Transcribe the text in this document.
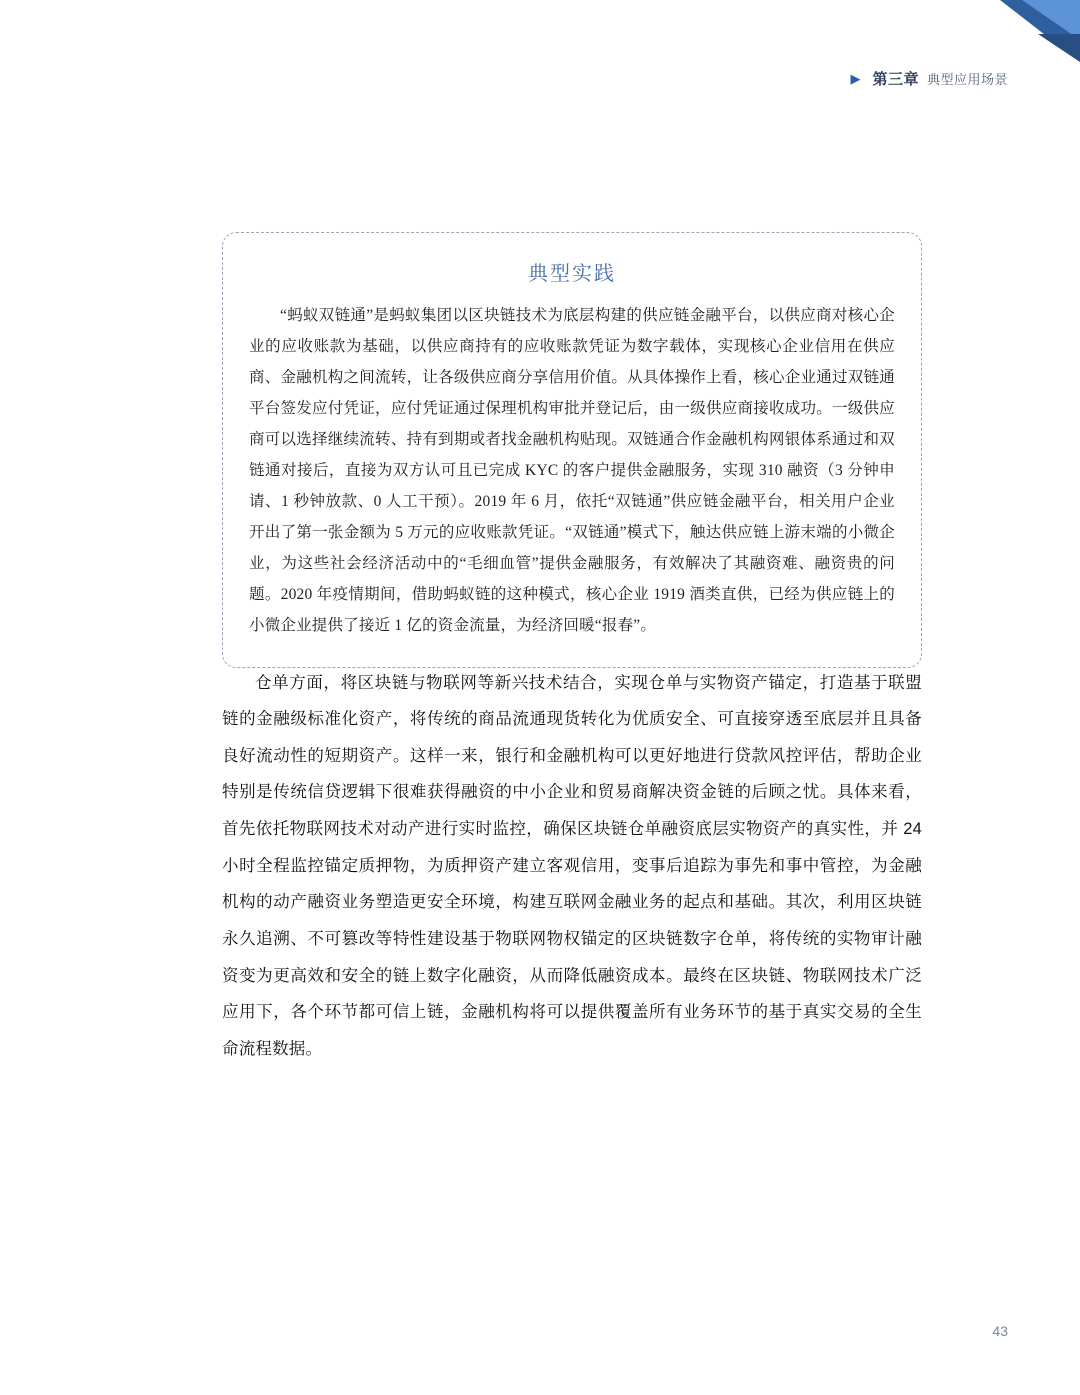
▶ 第三章 典型应用场景
典型实践
“蚂蚁双链通”是蚂蚁集团以区块链技术为底层构建的供应链金融平台，以供应商对核心企业的应收账款为基础，以供应商持有的应收账款凭证为数字载体，实现核心企业信用在供应商、金融机构之间流转，让各级供应商分享信用价值。从具体操作上看，核心企业通过双链通平台签发应付凭证，应付凭证通过保理机构审批并登记后，由一级供应商接收成功。一级供应商可以选择继续流转、持有到期或者找金融机构贴现。双链通合作金融机构网银体系通过和双链通对接后，直接为双方认可且已完成 KYC 的客户提供金融服务，实现 310 融资（3 分钟申请、1 秒钟放款、0 人工干预）。2019 年 6 月，依托“双链通”供应链金融平台，相关用户企业开出了第一张金额为 5 万元的应收账款凭证。“双链通”模式下，触达供应链上游末端的小微企业，为这些社会经济活动中的“毛细血管”提供金融服务，有效解决了其融资难、融资贵的问题。2020 年疫情期间，借助蚂蚁链的这种模式，核心企业 1919 酒类直供，已经为供应链上的小微企业提供了接近 1 亿的资金流量，为经济回暖“报春”。

仓单方面，将区块链与物联网等新兴技术结合，实现仓单与实物资产锚定，打造基于联盟链的金融级标准化资产，将传统的商品流通现货转化为优质安全、可直接穿透至底层并且具备良好流动性的短期资产。这样一来，银行和金融机构可以更好地进行贷款风控评估，帮助企业特别是传统信贷逻辑下很难获得融资的中小企业和贸易商解决资金链的后顾之忧。具体来看，首先依托物联网技术对动产进行实时监控，确保区块链仓单融资底层实物资产的真实性，并 24 小时全程监控锚定质押物，为质押资产建立客观信用，变事后追踪为事先和事中管控，为金融机构的动产融资业务塑造更安全环境，构建互联网金融业务的起点和基础。其次，利用区块链永久追溯、不可篡改等特性建设基于物联网物权锚定的区块链数字仓单，将传统的实物审计融资变为更高效和安全的链上数字化融资，从而降低融资成本。最终在区块链、物联网技术广泛应用下，各个环节都可信上链，金融机构将可以提供覆盖所有业务环节的基于真实交易的全生命流程数据。

43
